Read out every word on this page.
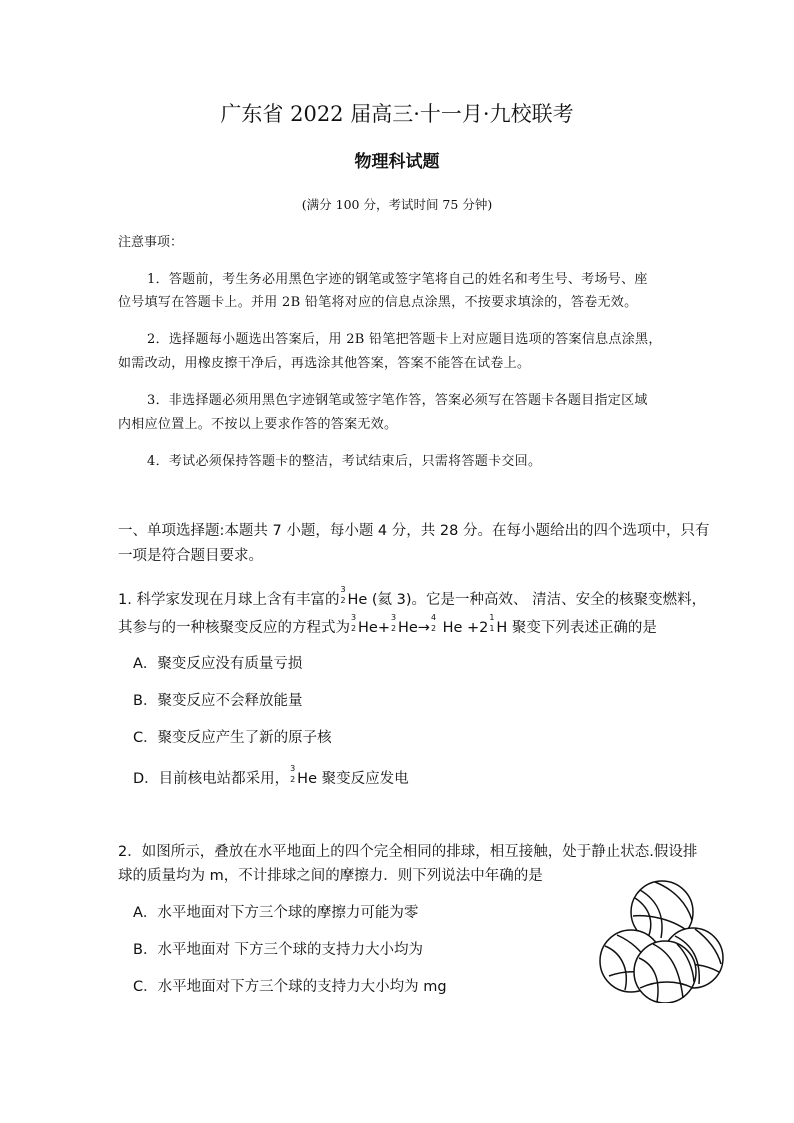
广东省 2022 届高三·十一月·九校联考
物理科试题
(满分 100 分，考试时间 75 分钟)
注意事项：
1．答题前，考生务必用黑色字迹的钢笔或签字笔将自己的姓名和考生号、考场号、座
位号填写在答题卡上。并用 2B 铅笔将对应的信息点涂黑，不按要求填涂的，答卷无效。
2．选择题每小题选出答案后，用 2B 铅笔把答题卡上对应题目选项的答案信息点涂黑，
如需改动，用橡皮擦干净后，再选涂其他答案，答案不能答在试卷上。
3．非选择题必须用黑色字迹钢笔或签字笔作答，答案必须写在答题卡各题目指定区域
内相应位置上。不按以上要求作答的答案无效。
4．考试必须保持答题卡的整洁，考试结束后，只需将答题卡交回。
一、单项选择题:本题共 7 小题，每小题 4 分，共 28 分。在每小题给出的四个选项中，只有
一项是符合题目要求。
1. 科学家发现在月球上含有丰富的
3
2 He (氦 3)。它是一种高效、 清洁、安全的核聚变燃料，
其参与的一种核聚变反应的方程式为
3
2 He+
3
2 He→
4
2 He +2
1
1 H 聚变下列表述正确的是
A．聚变反应没有质量亏损
B．聚变反应不会释放能量
C．聚变反应产生了新的原子核
D．目前核电站都采用，
3
2 He 聚变反应发电
2．如图所示，叠放在水平地面上的四个完全相同的排球，相互接触，处于静止状态.假设排
球的质量均为 m，不计排球之间的摩擦力．则下列说法中年确的是
A．水平地面对下方三个球的摩擦力可能为零
B．水平地面对 下方三个球的支持力大小均为
C．水平地面对下方三个球的支持力大小均为 mg
